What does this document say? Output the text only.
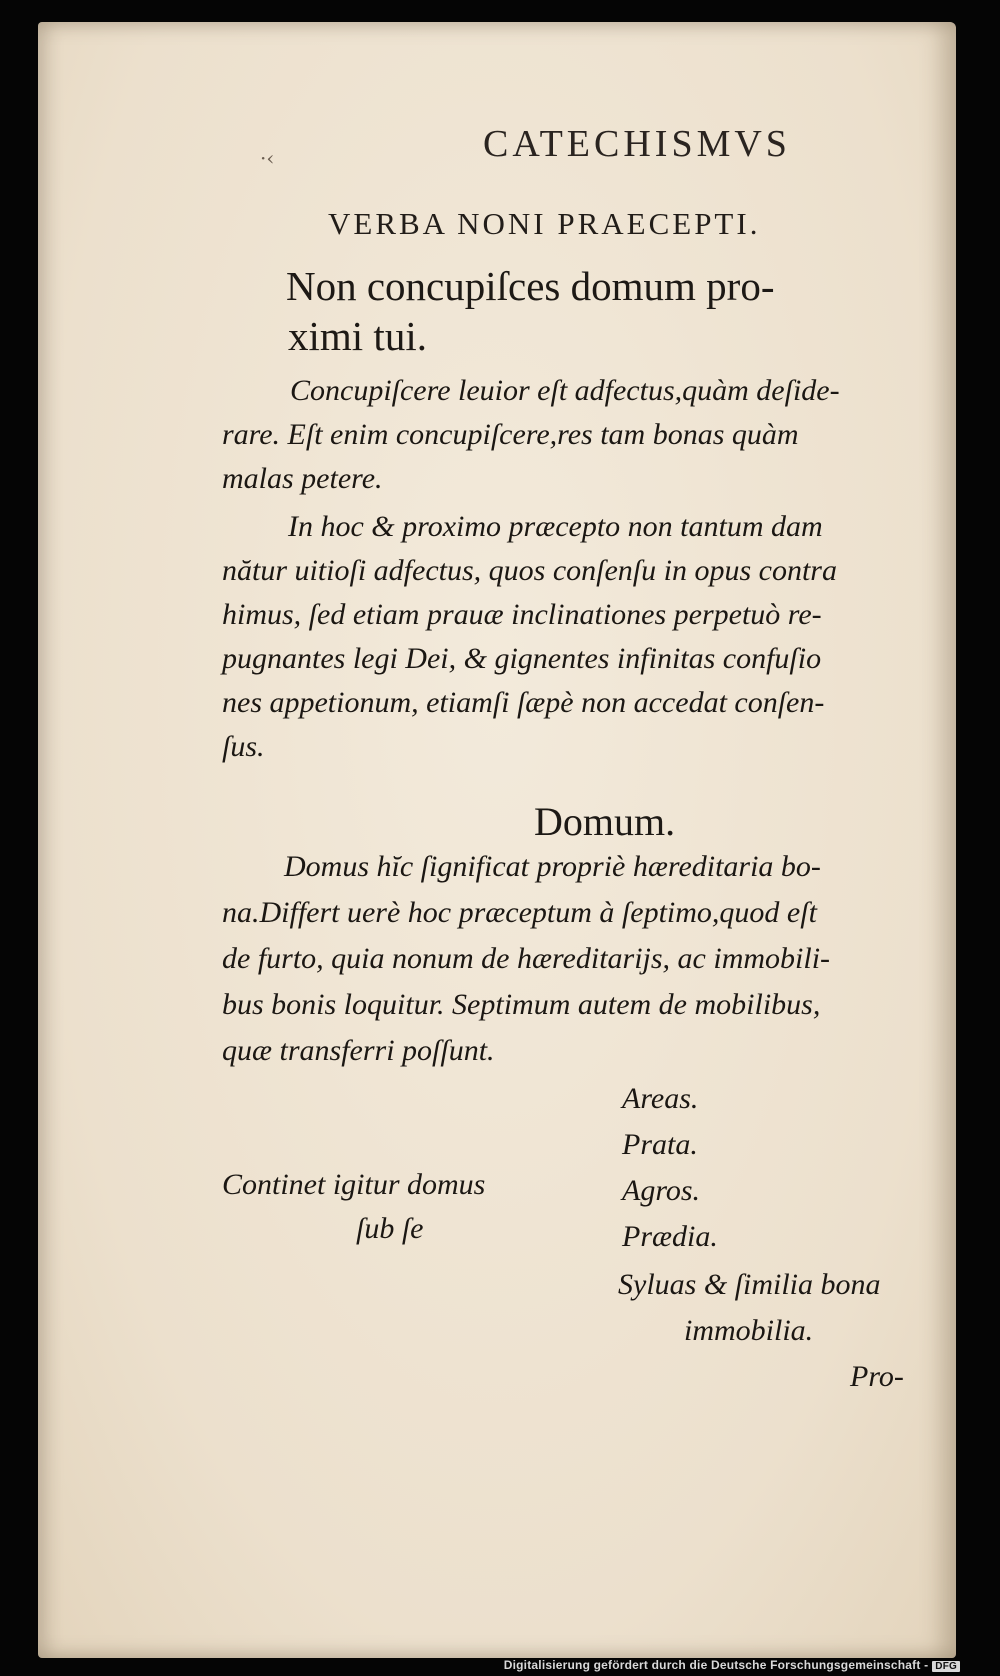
·‹	CATECHISMVS
VERBA NONI PRAECEPTI.
Non concupiſces domum pro-
ximi tui.
Concupiſcere leuior eſt adfectus,quàm deſide-
rare. Eſt enim concupiſcere,res tam bonas quàm
malas petere.
In hoc & proximo præcepto non tantum dam
nătur uitioſi adfectus, quos conſenſu in opus contra
himus, ſed etiam prauæ inclinationes perpetuò re-
pugnantes legi Dei, & gignentes infinitas confuſio
nes appetionum, etiamſi ſæpè non accedat conſen-
ſus.
Domum.
Domus hĭc ſignificat propriè hæreditaria bo-
na.Differt uerè hoc præceptum à ſeptimo,quod eſt
de furto, quia nonum de hæreditarijs, ac immobili-
bus bonis loquitur. Septimum autem de mobilibus,
quæ transferri poſſunt.
Continet igitur domus
ſub ſe
Areas.
Prata.
Agros.
Prædia.
Syluas & ſimilia bona
immobilia.
Pro-
Digitalisierung gefördert durch die Deutsche Forschungsgemeinschaft - DFG
